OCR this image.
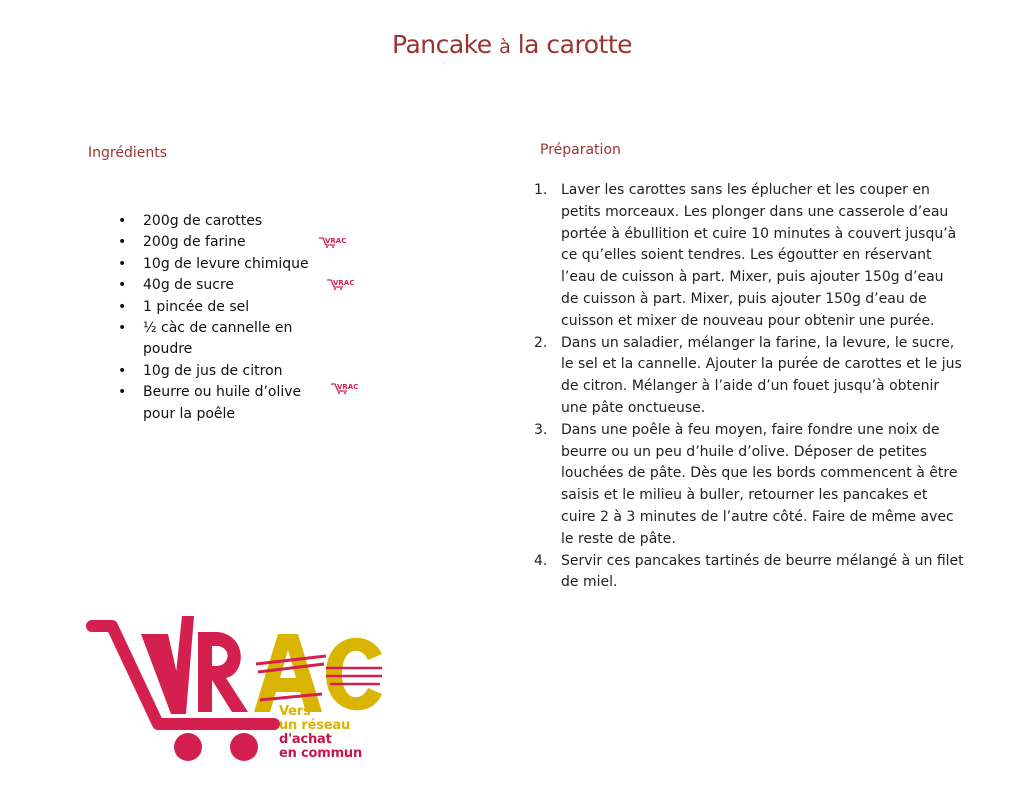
Pancake à la carotte
Ingrédients
• 200g de carottes
• 200g de farine
• 10g de levure chimique
• 40g de sucre
• 1 pincée de sel
• ½ càc de cannelle en poudre
• 10g de jus de citron
• Beurre ou huile d’olive pour la poêle
VRAC
VRAC
VRAC
Préparation
1. Laver les carottes sans les éplucher et les couper en petits morceaux. Les plonger dans une casserole d’eau portée à ébullition et cuire 10 minutes à couvert jusqu’à ce qu’elles soient tendres. Les égoutter en réservant l’eau de cuisson à part. Mixer, puis ajouter 150g d’eau de cuisson à part. Mixer, puis ajouter 150g d’eau de cuisson et mixer de nouveau pour obtenir une purée.
2. Dans un saladier, mélanger la farine, la levure, le sucre, le sel et la cannelle. Ajouter la purée de carottes et le jus de citron. Mélanger à l’aide d’un fouet jusqu’à obtenir une pâte onctueuse.
3. Dans une poêle à feu moyen, faire fondre une noix de beurre ou un peu d’huile d’olive. Déposer de petites louchées de pâte. Dès que les bords commencent à être saisis et le milieu à buller, retourner les pancakes et cuire 2 à 3 minutes de l’autre côté. Faire de même avec le reste de pâte.
4. Servir ces pancakes tartinés de beurre mélangé à un filet de miel.
Vers
un réseau
d'achat
en commun
